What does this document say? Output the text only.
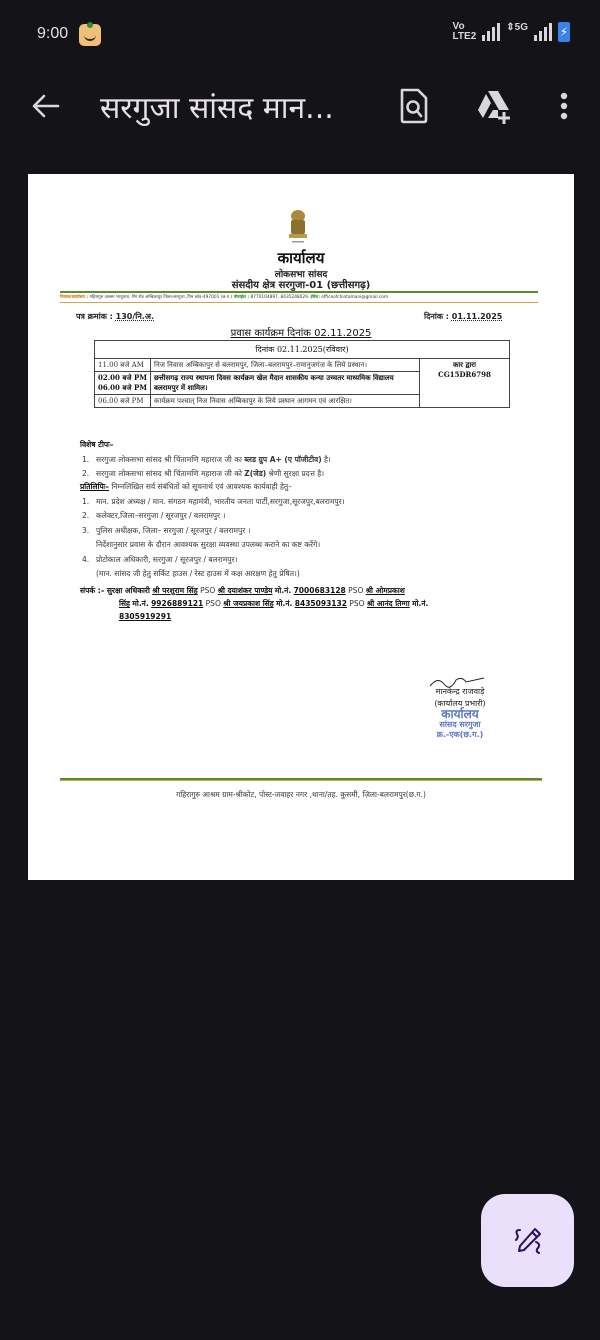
9:00	Vo
LTE2
⇕5G	⚡
सरगुजा सांसद मान...
कार्यालय
लोकसभा सांसद
संसदीय क्षेत्र सरगुजा-01 (छत्तीसगढ़)
निवास/कार्यालय : गहिरागुरु आश्रम भाथूपारा, रिंग रोड अम्बिकापुर जिला-सरगुजा ,पिन कोड-497001 (छ.ग.) मोबाईल : 8770104897, 8435248029, ईमेल: officeofchintamani@gmail.com
पत्र क्रमांक : 130/नि.अ.	दिनांक : 01.11.2025
प्रवास कार्यक्रम दिनांक 02.11.2025
दिनांक 02.11.2025(रविवार)		
11.00 बजे AM	निज निवास अम्बिकापुर से बलरामपुर, जिला–बलरामपुर–रामानुजगंज के लिये प्रस्थान।	कार द्वारा
CG15DR6798

02.00 बजे PM
06.00 बजे PM	छत्तीसगढ़ राज्य स्थापना दिवस कार्यक्रम खेल मैदान शासकीय कन्या उच्चतर माध्यमिक विद्यालय बलरामपुर में शामिल।	
06.00 बजे PM	कार्यक्रम पश्चात् निज निवास अम्बिकापुर के लिये प्रस्थान आगमन एवं आरक्षित।	
विशेष टीपः–
1. सरगुजा लोकसभा सांसद श्री चिंतामणि महाराज जी का ब्लड ग्रुप A+ (ए पॉजीटीव) है।
2. सरगुजा लोकसभा सांसद श्री चिंतामणि महाराज जी को Z(जेड) श्रेणी सुरक्षा प्रदत्त है।
प्रतिलिपिः– निम्नलिखित सर्व संबंधितों को सूचनार्थ एवं आवश्यक कार्यवाही हेतु–
1. मान. प्रदेश अध्यक्ष / मान. संगठन महामंत्री, भारतीय जनता पार्टी,सरगुजा,सूरजपुर,बलरामपुर।
2. कलेक्टर,जिला–सरगुजा / सूरजपुर / बलरामपुर ।
3. पुलिस अधीक्षक, जिला– सरगुजा / सूरजपुर / बलरामपुर ।
निर्देशानुसार प्रवास के दौरान आवश्यक सुरक्षा व्यवस्था उपलब्ध कराने का कष्ट करेंगे।
4. प्रोटोकाल अधिकारी, सरगुजा / सूरजपुर / बलरामपुर।
(मान. सांसद जी हेतु सर्किट हाउस / रेस्ट हाउस में कक्ष आरक्षण हेतु प्रेषित।)
संपर्क :– सुरक्षा अधिकारी श्री परशुराम सिंह PSO श्री दयाशंकर पाण्डेय मो.नं. 7000683128 PSO श्री ओमप्रकाश
सिंह मो.नं. 9926889121 PSO श्री जयप्रकाश सिंह मो.नं. 8435093132 PSO श्री आनंद तिग्गा मो.नं.
8305919291
मानकेन्द्र राजवाड़े
(कार्यालय प्रभारी)
कार्यालय
सांसद सरगुजा
क्र.-एक(छ.ग.)
गहिरागुरु आश्रम ग्राम-श्रीकोट, पोस्ट-जवाहर नगर ,थाना/तह. कुसमी, ज़िला-बलरामपुर(छ.ग.)
